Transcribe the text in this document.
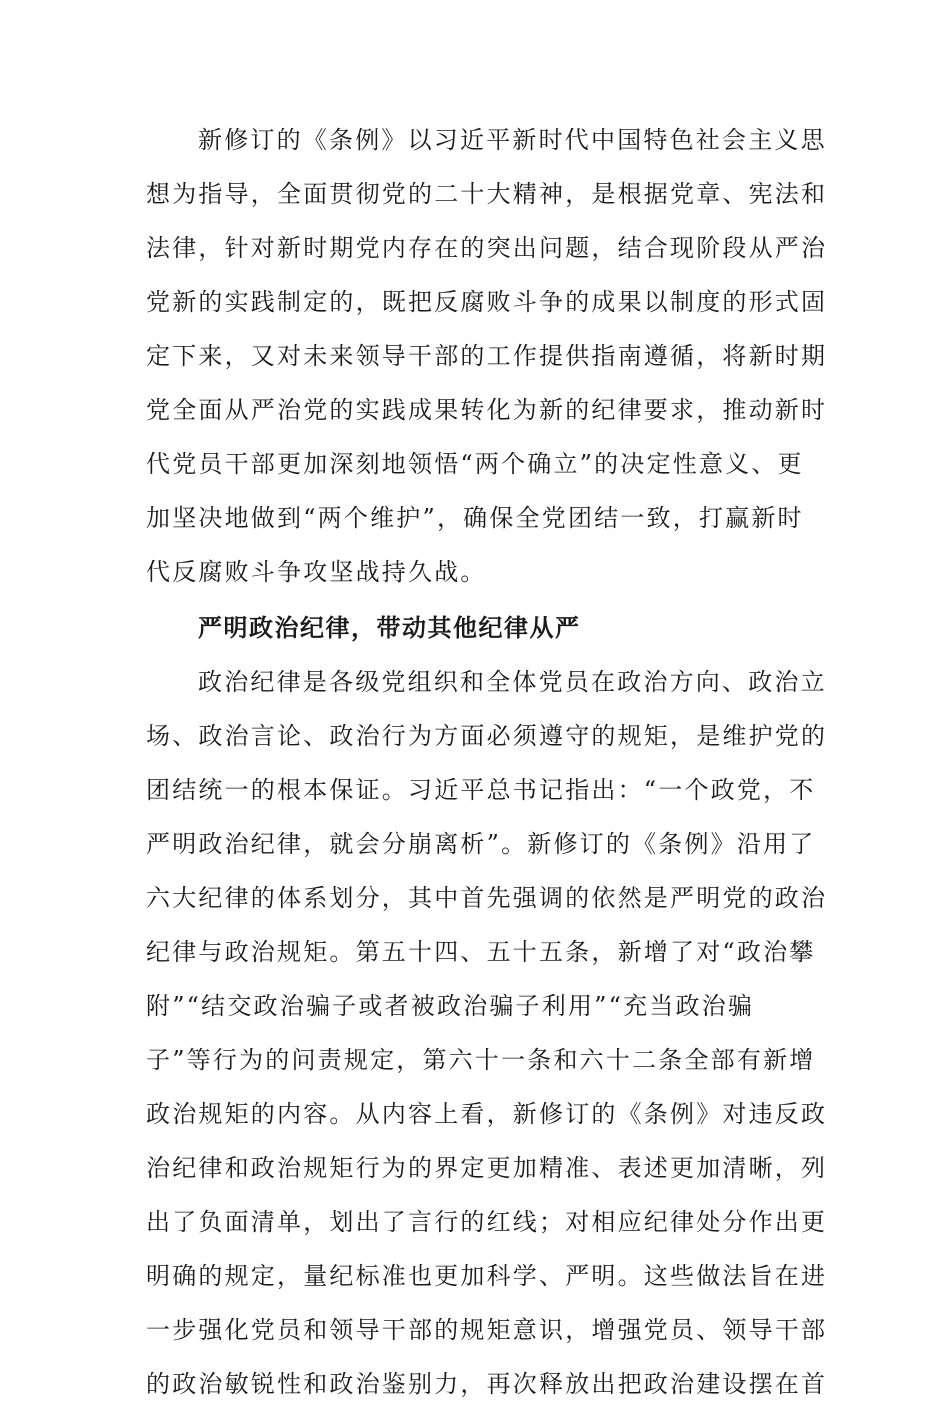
新修订的《条例》以习近平新时代中国特色社会主义思
想为指导，全面贯彻党的二十大精神，是根据党章、宪法和
法律，针对新时期党内存在的突出问题，结合现阶段从严治
党新的实践制定的，既把反腐败斗争的成果以制度的形式固
定下来，又对未来领导干部的工作提供指南遵循，将新时期
党全面从严治党的实践成果转化为新的纪律要求，推动新时
代党员干部更加深刻地领悟“两个确立”的决定性意义、更
加坚决地做到“两个维护”，确保全党团结一致，打赢新时
代反腐败斗争攻坚战持久战。
严明政治纪律，带动其他纪律从严
政治纪律是各级党组织和全体党员在政治方向、政治立
场、政治言论、政治行为方面必须遵守的规矩，是维护党的
团结统一的根本保证。习近平总书记指出：“一个政党，不
严明政治纪律，就会分崩离析”。新修订的《条例》沿用了
六大纪律的体系划分，其中首先强调的依然是严明党的政治
纪律与政治规矩。第五十四、五十五条，新增了对“政治攀
附”“结交政治骗子或者被政治骗子利用”“充当政治骗
子”等行为的问责规定，第六十一条和六十二条全部有新增
政治规矩的内容。从内容上看，新修订的《条例》对违反政
治纪律和政治规矩行为的界定更加精准、表述更加清晰，列
出了负面清单，划出了言行的红线；对相应纪律处分作出更
明确的规定，量纪标准也更加科学、严明。这些做法旨在进
一步强化党员和领导干部的规矩意识，增强党员、领导干部
的政治敏锐性和政治鉴别力，再次释放出把政治建设摆在首
